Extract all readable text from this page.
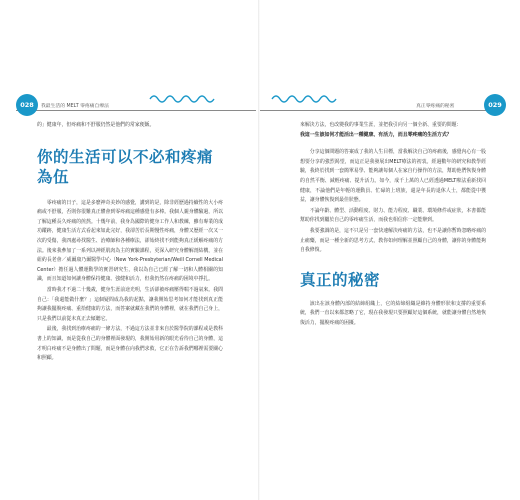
028	我最生活的 MELT 零疼痛自療法

的」健康年，但疼痛和不舒服仍然是他們的常家便飯。

你的生活可以不必和疼痛為伍

零疼痛的日子，這是多麼神奇美妙的感覺，講到的是，除非經歷過持續性的大小疼痛或不舒服，否則你很難真正體會到零疼痛這種感覺有多棒。我個人親身體驗過，所以了解這種長久疼痛的煎熬。十幾年前，我身為國際的健身工作人和教練，雖有專業的成功蹤跡，健康生活方式看起來如此完好，我卻苦於長期慢性疼痛，身體又歷經一次又一次的受傷，我四處尋找醫生、治療師和各種療法，卻始終找不到能夠真正緩解疼痛的方法。後來我參加了一系列以神經肌肉為主的實驗課程，更深入研究身體解剖結構，並在紐約長老會／威爾康乃爾醫學中心（New York-Presbyterian/Weill Cornell Medical Center）擔任過人體運動學的實習研究生，我以為自己已經了解一切和人體相關的知識，而且知道如何讓身體保持健康、強健和活力，但我仍然在疼痛的困境中掙扎。

當時我才不過二十幾歲，健身生涯前途光明，生活卻被疼痛壓得喘不過氣來。我問自己：「我還能做什麼？」這個疑問成為我的起點，讓我開始思考如何才能找到真正能夠讓我擺脫疼痛、重拾健康的方法，而答案就藏在我們的身體裡，就在我們自己身上，只是我們以前從未真正去傾聽它。

最後，我找到治療疼痛的一條方法，不過這方法並非來自於醫學院的課程或是教科書上的知識，而是從我自己的身體裡面發現的，我開始用新的眼光看待自己的身體，這才明白疼痛不是身體出了問題，而是身體在向我們求救，它正在告訴我們哪裡需要關心和照顧。

真正零疼痛的秘密	029

來解決方法，也改變我的事業生涯，並把我引向另一個全新、重要的問題：

我這一生該如何才能活出一種健康、有活力，而且零疼痛的生活方式？

分享這個問題的答案成了我的人生目標，當我解決自己的疼痛後，感覺內心有一股想要分享的強烈渴望，而這正是我發展出MELT療法的初衷。經過數年的研究和教學經驗，我終於找到一套簡單易學、能夠讓每個人在家自行操作的方法，幫助他們恢復身體的自然平衡、減輕疼痛、提升活力。如今，成千上萬的人已經透過MELT療法重新找回健康，不論他們是年輕的運動員、忙碌的上班族，還是年長的退休人士，都能從中獲益，讓身體恢復到最佳狀態。

不論年齡、體型、活動程度、財力、能力程度、職業、環境條件或症狀，本書都能幫助你找到屬於自己的零疼痛生活，而我也相信你一定能辦到。

我要強調的是，這不只是另一套快速解決疼痛的方法，也不是讓你暫時忽略疼痛的止痛藥，而是一種全新的思考方式，教你如何理解並照顧自己的身體，讓你的身體能夠自我修復。

真正的秘密

該出在該身體內部的結締組織上，它的結缔組織是維持身體形狀和支撐的重要系統，我們一直以來都忽略了它，現在我發現只要照顧好這個系統，就能讓身體自然地恢復活力，擺脫疼痛的困擾。
